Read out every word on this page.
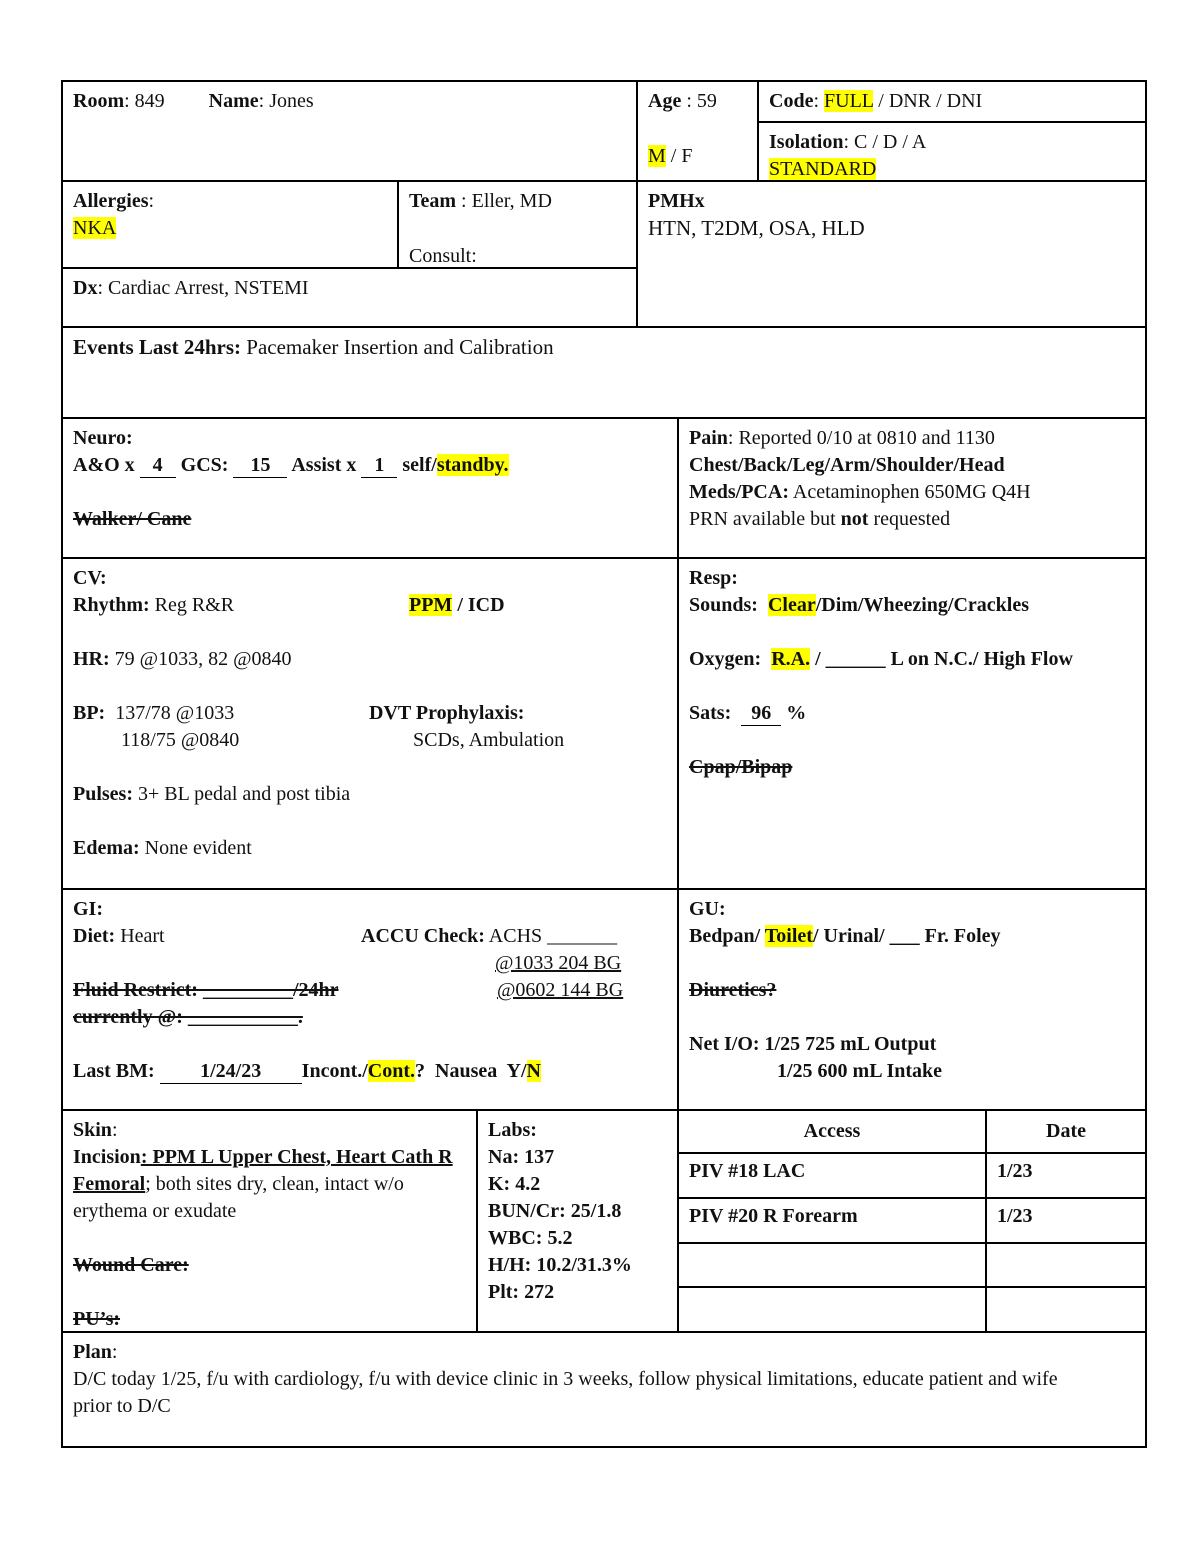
Room: 849 Name: Jones	Age : 59
M / F
Code: FULL / DNR / DNI
Isolation: C / D / A
STANDARD
Allergies:
NKA
Team : Eller, MD
Consult:
PMHx
HTN, T2DM, OSA, HLD
Dx: Cardiac Arrest, NSTEMI
Events Last 24hrs: Pacemaker Insertion and Calibration
Neuro:
A&O x 4 GCS: 15 Assist x 1 self/standby.
Walker/ Cane
Pain: Reported 0/10 at 0810 and 1130
Chest/Back/Leg/Arm/Shoulder/Head
Meds/PCA: Acetaminophen 650MG Q4H
PRN available but not requested
CV:
Rhythm: Reg R&R	PPM / ICD
HR: 79 @1033, 82 @0840
BP:  137/78 @1033	DVT Prophylaxis:
118/75 @0840	SCDs, Ambulation
Pulses: 3+ BL pedal and post tibia
Edema: None evident
Resp:
Sounds:  Clear/Dim/Wheezing/Crackles
Oxygen:  R.A. / ______ L on N.C./ High Flow
Sats:  96 %
Cpap/Bipap
GI:
Diet: Heart	ACCU Check: ACHS _______
@1033 204 BG
Fluid Restrict: _________/24hr	@0602 144 BG
currently @: ___________.
Last BM: 1/24/23 Incont./Cont.?  Nausea  Y/N
GU:
Bedpan/ Toilet/ Urinal/ ___ Fr. Foley
Diuretics?
Net I/O: 1/25 725 mL Output
1/25 600 mL Intake
Skin:
Incision: PPM L Upper Chest, Heart Cath R Femoral; both sites dry, clean, intact w/o erythema or exudate
Wound Care:
PU’s:
Labs:
Na: 137
K: 4.2
BUN/Cr: 25/1.8
WBC: 5.2
H/H: 10.2/31.3%
Plt: 272
Access	Date
PIV #18 LAC	1/23
PIV #20 R Forearm	1/23

Plan:
D/C today 1/25, f/u with cardiology, f/u with device clinic in 3 weeks, follow physical limitations, educate patient and wife prior to D/C
